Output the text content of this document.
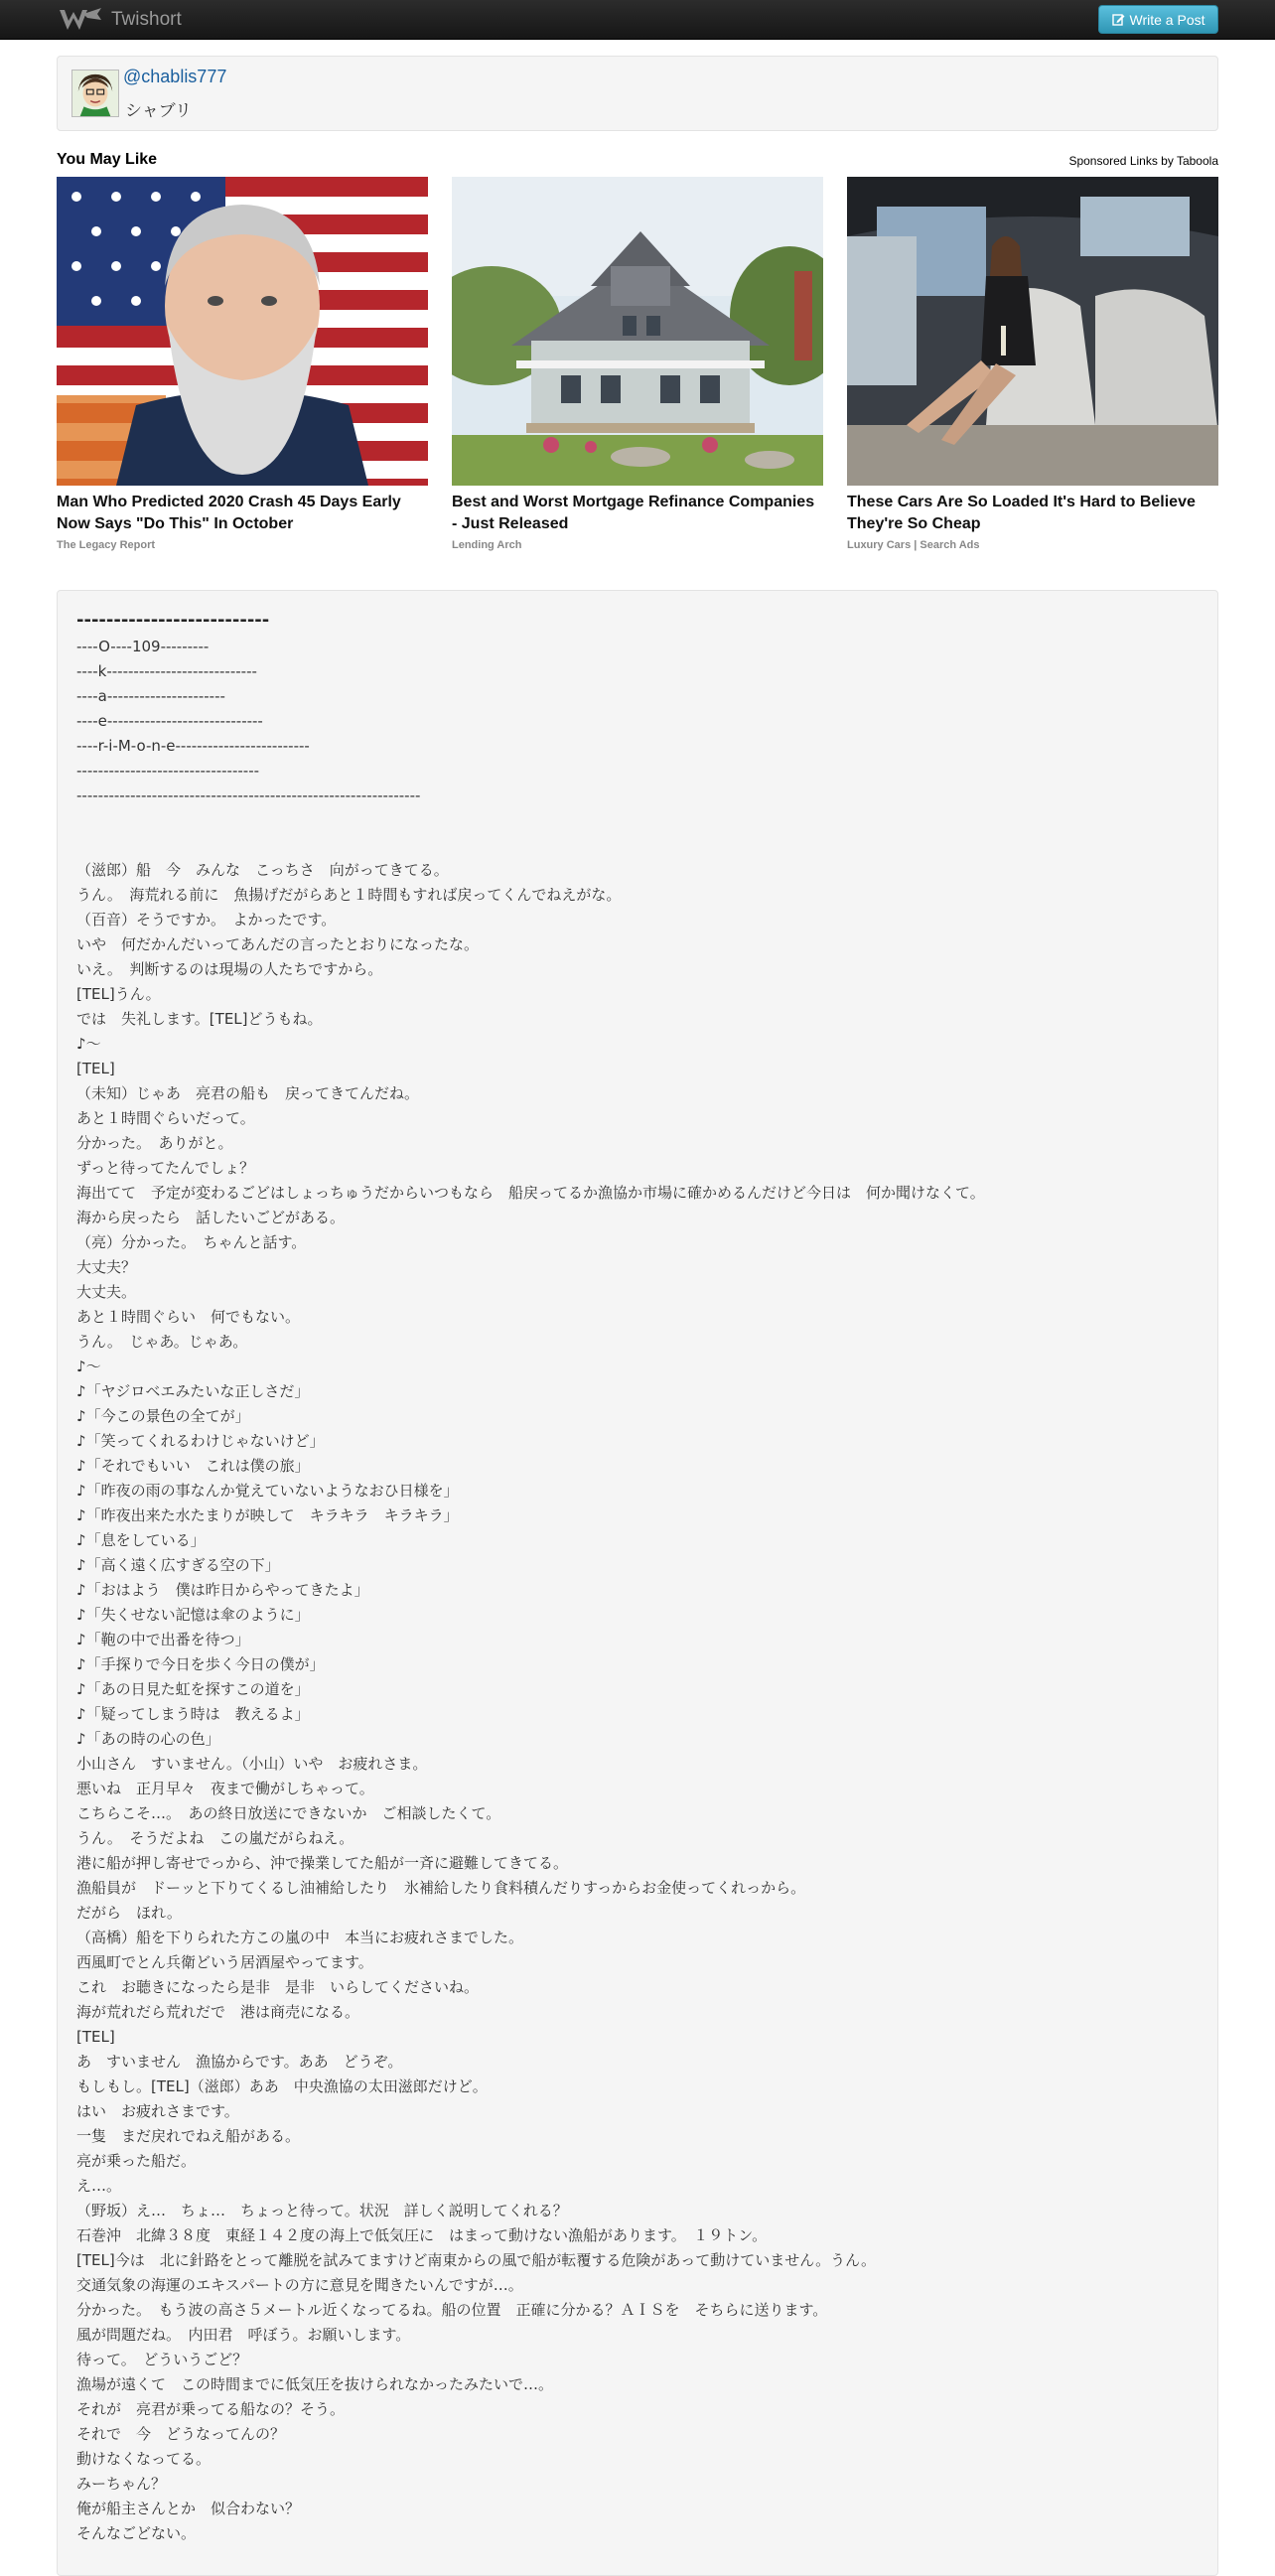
Twishort	Write a Post
@chablis777
シャブリ
You May Like	Sponsored Links by Taboola
Man Who Predicted 2020 Crash 45 Days Early Now Says "Do This" In October
The Legacy Report
Best and Worst Mortgage Refinance Companies - Just Released
Lending Arch
These Cars Are So Loaded It's Hard to Believe They're So Cheap
Luxury Cars | Search Ads
--------------------------
----O----109---------
----k----------------------------
----a----------------------
----e-----------------------------
----r-i-M-o-n-e-------------------------
----------------------------------
----------------------------------------------------------------
（滋郎）船　今　みんな　こっちさ　向がってきてる。
うん。　海荒れる前に　魚揚げだがらあと１時間もすれば戻ってくんでねえがな。
（百音）そうですか。　よかったです。
いや　何だかんだいってあんだの言ったとおりになったな。
いえ。　判断するのは現場の人たちですから。
[TEL]うん。
では　失礼します。[TEL]どうもね。
♪～
[TEL]
（未知）じゃあ　亮君の船も　戻ってきてんだね。
あと１時間ぐらいだって。
分かった。　ありがと。
ずっと待ってたんでしょ？
海出てて　予定が変わるごどはしょっちゅうだからいつもなら　船戻ってるか漁協か市場に確かめるんだけど今日は　何か聞けなくて。
海から戻ったら　話したいごどがある。
（亮）分かった。　ちゃんと話す。
大丈夫？
大丈夫。
あと１時間ぐらい　何でもない。
うん。　じゃあ。じゃあ。
♪～
♪「ヤジロベエみたいな正しさだ」
♪「今この景色の全てが」
♪「笑ってくれるわけじゃないけど」
♪「それでもいい　これは僕の旅」
♪「昨夜の雨の事なんか覚えていないようなおひ日様を」
♪「昨夜出来た水たまりが映して　キラキラ　キラキラ」
♪「息をしている」
♪「高く遠く広すぎる空の下」
♪「おはよう　僕は昨日からやってきたよ」
♪「失くせない記憶は傘のように」
♪「鞄の中で出番を待つ」
♪「手探りで今日を歩く今日の僕が」
♪「あの日見た虹を探すこの道を」
♪「疑ってしまう時は　教えるよ」
♪「あの時の心の色」
小山さん　すいません。（小山）いや　お疲れさま。
悪いね　正月早々　夜まで働がしちゃって。
こちらこそ…。　あの終日放送にできないか　ご相談したくて。
うん。　そうだよね　この嵐だがらねえ。
港に船が押し寄せでっから、沖で操業してた船が一斉に避難してきてる。
漁船員が　ドーッと下りてくるし油補給したり　氷補給したり食料積んだりすっからお金使ってくれっから。
だがら　ほれ。
（高橋）船を下りられた方この嵐の中　本当にお疲れさまでした。
西風町でとん兵衛どいう居酒屋やってます。
これ　お聴きになったら是非　是非　いらしてくださいね。
海が荒れだら荒れだで　港は商売になる。
[TEL]
あ　すいません　漁協からです。ああ　どうぞ。
もしもし。[TEL]（滋郎）ああ　中央漁協の太田滋郎だけど。
はい　お疲れさまです。
一隻　まだ戻れでねえ船がある。
亮が乗った船だ。
え…。
（野坂）え…　ちょ…　ちょっと待って。状況　詳しく説明してくれる？
石巻沖　北緯３８度　東経１４２度の海上で低気圧に　はまって動けない漁船があります。　１９トン。
[TEL]今は　北に針路をとって離脱を試みてますけど南東からの風で船が転覆する危険があって動けていません。うん。
交通気象の海運のエキスパートの方に意見を聞きたいんですが…。
分かった。　もう波の高さ５メートル近くなってるね。船の位置　正確に分かる？ＡＩＳを　そちらに送ります。
風が問題だね。　内田君　呼ぼう。お願いします。
待って。　どういうごど？
漁場が遠くて　この時間までに低気圧を抜けられなかったみたいで…。
それが　亮君が乗ってる船なの？そう。
それで　今　どうなってんの？
動けなくなってる。
みーちゃん？
俺が船主さんとか　似合わない？
そんなごどない。
